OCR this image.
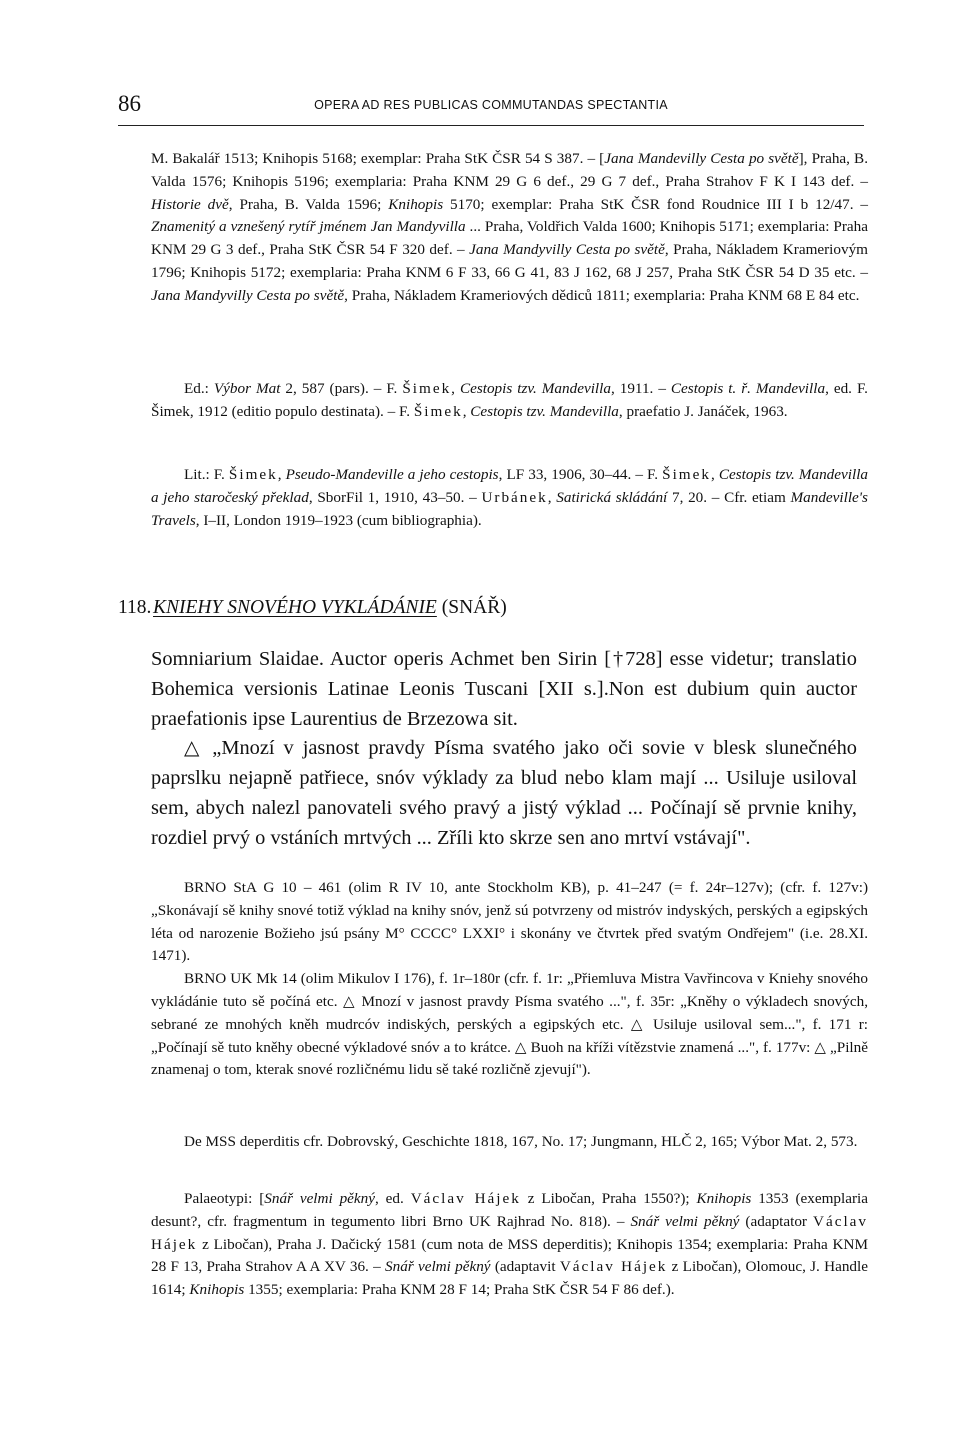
86	OPERA AD RES PUBLICAS COMMUTANDAS SPECTANTIA

M. Bakalář 1513; Knihopis 5168; exemplar: Praha StK ČSR 54 S 387. – [Jana Mandevilly Cesta po světě], Praha, B. Valda 1576; Knihopis 5196; exemplaria: Praha KNM 29 G 6 def., 29 G 7 def., Praha Strahov F K I 143 def. – Historie dvě, Praha, B. Valda 1596; Knihopis 5170; exemplar: Praha StK ČSR fond Roudnice III I b 12/47. – Znamenitý a vznešený rytíř jménem Jan Mandyvilla ... Praha, Voldřich Valda 1600; Knihopis 5171; exemplaria: Praha KNM 29 G 3 def., Praha StK ČSR 54 F 320 def. – Jana Mandyvilly Cesta po světě, Praha, Nákladem Krameriovým 1796; Knihopis 5172; exemplaria: Praha KNM 6 F 33, 66 G 41, 83 J 162, 68 J 257, Praha StK ČSR 54 D 35 etc. – Jana Mandyvilly Cesta po světě, Praha, Nákladem Krameriových dědiců 1811; exemplaria: Praha KNM 68 E 84 etc.

Ed.: Výbor Mat 2, 587 (pars). – F. Šimek, Cestopis tzv. Mandevilla, 1911. – Cestopis t. ř. Mandevilla, ed. F. Šimek, 1912 (editio populo destinata). – F. Šimek, Cestopis tzv. Mandevilla, praefatio J. Janáček, 1963.

Lit.: F. Šimek, Pseudo-Mandeville a jeho cestopis, LF 33, 1906, 30–44. – F. Šimek, Cestopis tzv. Mandevilla a jeho staročeský překlad, SborFil 1, 1910, 43–50. – Urbánek, Satirická skládání 7, 20. – Cfr. etiam Mandeville's Travels, I–II, London 1919–1923 (cum bibliographia).

118. KNIEHY SNOVÉHO VYKLÁDÁNIE (SNÁŘ)

Somniarium Slaidae. Auctor operis Achmet ben Sirin [†728] esse videtur; translatio Bohemica versionis Latinae Leonis Tuscani [XII s.].Non est dubium quin auctor praefationis ipse Laurentius de Brzezowa sit.

△ „Mnozí v jasnost pravdy Písma svatého jako oči sovie v blesk slunečného paprslku nejapně patřiece, snóv výklady za blud nebo klam mají ... Usiluje usiloval sem, abych nalezl panovateli svého pravý a jistý výklad ... Počínají sě prvnie knihy, rozdiel prvý o vstáních mrtvých ... Zříli kto skrze sen ano mrtví vstávají".

BRNO StA G 10 – 461 (olim R IV 10, ante Stockholm KB), p. 41–247 (= f. 24r–127v); (cfr. f. 127v:) „Skonávají sě knihy snové totiž výklad na knihy snóv, jenž sú potvrzeny od mistróv indyských, perských a egipských léta od narozenie Božieho jsú psány M° CCCC° LXXI° i skonány ve čtvrtek před svatým Ondřejem" (i.e. 28.XI. 1471).

BRNO UK Mk 14 (olim Mikulov I 176), f. 1r–180r (cfr. f. 1r: „Přiemluva Mistra Vavřincova v Kniehy snového vykládánie tuto sě počíná etc. △ Mnozí v jasnost pravdy Písma svatého ...", f. 35r: „Kněhy o výkladech snových, sebrané ze mnohých kněh mudrcóv indiských, perských a egipských etc. △ Usiluje usiloval sem...", f. 171 r: „Počínají sě tuto kněhy obecné výkladové snóv a to krátce. △ Buoh na kříži vítězstvie znamená ...", f. 177v: △ „Pilně znamenaj o tom, kterak snové rozličnému lidu sě také rozličně zjevují").

De MSS deperditis cfr. Dobrovský, Geschichte 1818, 167, No. 17; Jungmann, HLČ 2, 165; Výbor Mat. 2, 573.

Palaeotypi: [Snář velmi pěkný, ed. Václav Hájek z Libočan, Praha 1550?); Knihopis 1353 (exemplaria desunt?, cfr. fragmentum in tegumento libri Brno UK Rajhrad No. 818). – Snář velmi pěkný (adaptator Václav Hájek z Libočan), Praha J. Dačický 1581 (cum nota de MSS deperditis); Knihopis 1354; exemplaria: Praha KNM 28 F 13, Praha Strahov A A XV 36. – Snář velmi pěkný (adaptavit Václav Hájek z Libočan), Olomouc, J. Handle 1614; Knihopis 1355; exemplaria: Praha KNM 28 F 14; Praha StK ČSR 54 F 86 def.).
